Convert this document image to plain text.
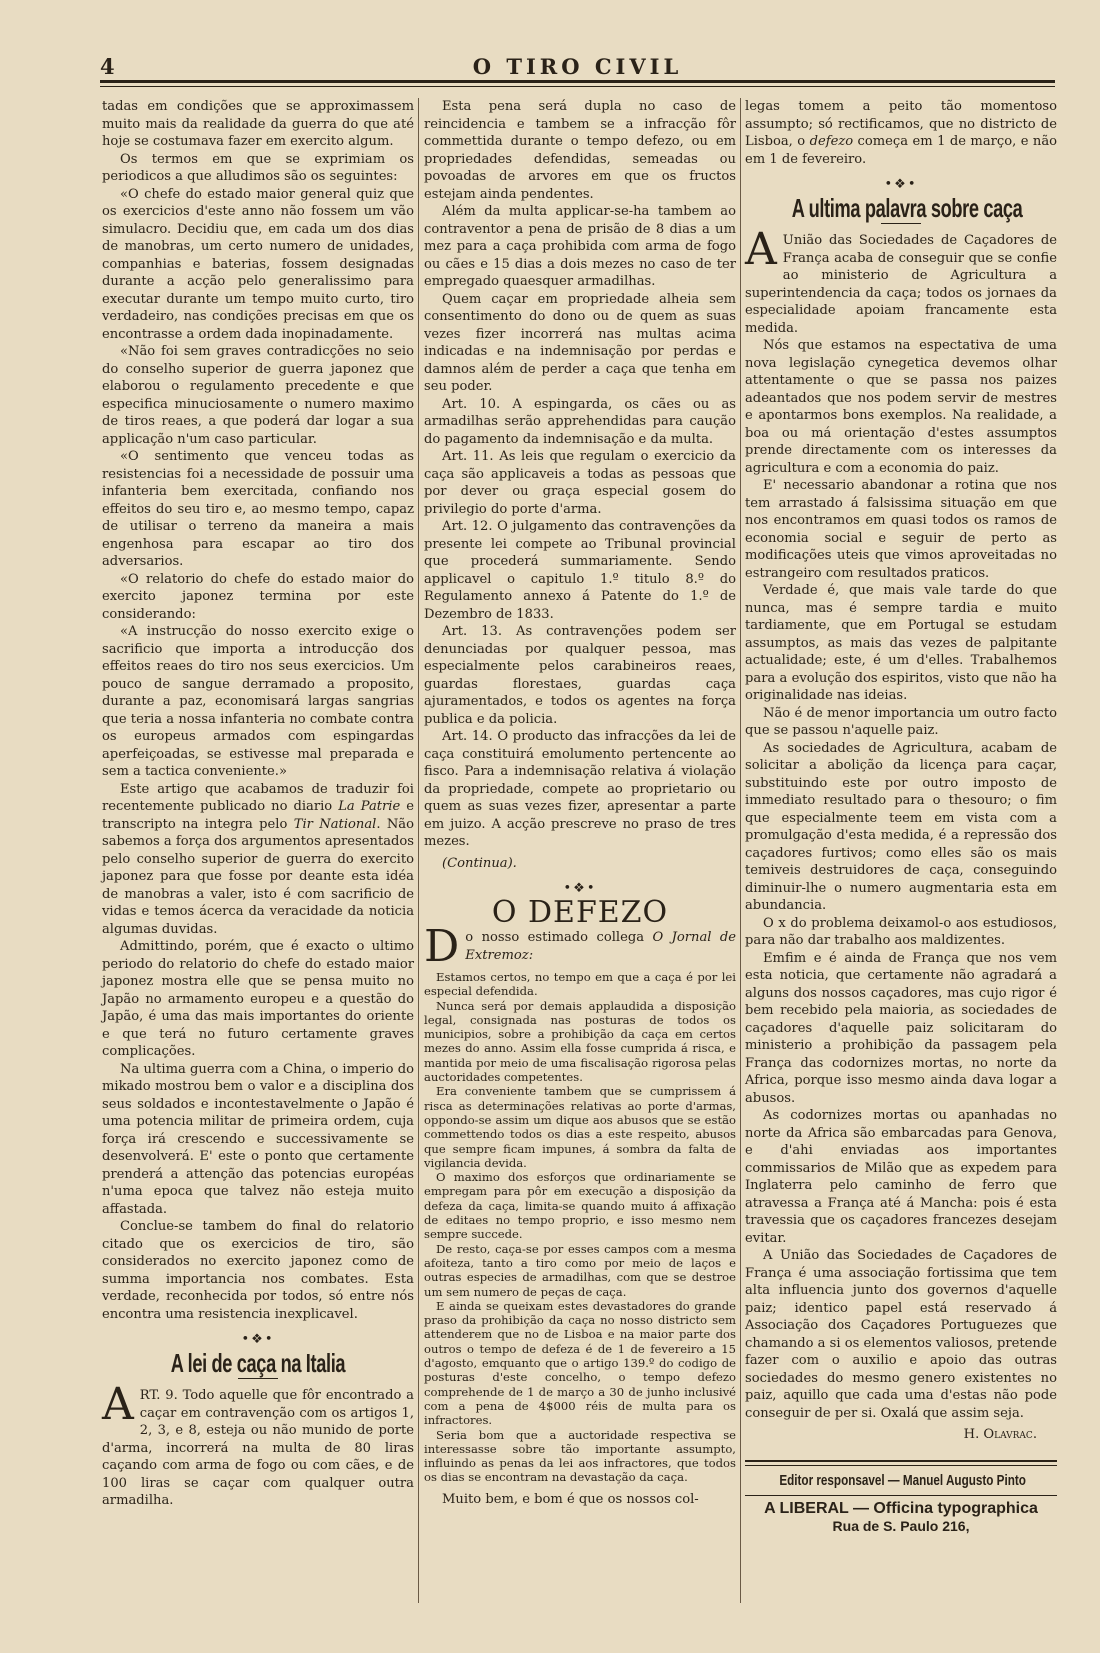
4	O TIRO CIVIL

tadas em condições que se approximassem muito mais da realidade da guerra do que até hoje se costumava fazer em exercito algum.

Os termos em que se exprimiam os periodicos a que alludimos são os seguintes:

«O chefe do estado maior general quiz que os exercicios d'este anno não fossem um vão simulacro. Decidiu que, em cada um dos dias de manobras, um certo numero de unidades, companhias e baterias, fossem designadas durante a acção pelo generalissimo para executar durante um tempo muito curto, tiro verdadeiro, nas condições precisas em que os encontrasse a ordem dada inopinadamente.

«Não foi sem graves contradicções no seio do conselho superior de guerra japonez que elaborou o regulamento precedente e que especifica minuciosamente o numero maximo de tiros reaes, a que poderá dar logar a sua applicação n'um caso particular.

«O sentimento que venceu todas as resistencias foi a necessidade de possuir uma infanteria bem exercitada, confiando nos effeitos do seu tiro e, ao mesmo tempo, capaz de utilisar o terreno da maneira a mais engenhosa para escapar ao tiro dos adversarios.

«O relatorio do chefe do estado maior do exercito japonez termina por este considerando:

«A instrucção do nosso exercito exige o sacrificio que importa a introducção dos effeitos reaes do tiro nos seus exercicios. Um pouco de sangue derramado a proposito, durante a paz, economisará largas sangrias que teria a nossa infanteria no combate contra os europeus armados com espingardas aperfeiçoadas, se estivesse mal preparada e sem a tactica conveniente.»

Este artigo que acabamos de traduzir foi recentemente publicado no diario La Patrie e transcripto na integra pelo Tir National. Não sabemos a força dos argumentos apresentados pelo conselho superior de guerra do exercito japonez para que fosse por deante esta idéa de manobras a valer, isto é com sacrificio de vidas e temos ácerca da veracidade da noticia algumas duvidas.

Admittindo, porém, que é exacto o ultimo periodo do relatorio do chefe do estado maior japonez mostra elle que se pensa muito no Japão no armamento europeu e a questão do Japão, é uma das mais importantes do oriente e que terá no futuro certamente graves complicações.

Na ultima guerra com a China, o imperio do mikado mostrou bem o valor e a disciplina dos seus soldados e incontestavelmente o Japão é uma potencia militar de primeira ordem, cuja força irá crescendo e successivamente se desenvolverá. E' este o ponto que certamente prenderá a attenção das potencias européas n'uma epoca que talvez não esteja muito affastada.

Conclue-se tambem do final do relatorio citado que os exercicios de tiro, são considerados no exercito japonez como de summa importancia nos combates. Esta verdade, reconhecida por todos, só entre nós encontra uma resistencia inexplicavel.

•❖•
A lei de caça na Italia

ART. 9. Todo aquelle que fôr encontrado a caçar em contravenção com os artigos 1, 2, 3, e 8, esteja ou não munido de porte d'arma, incorrerá na multa de 80 liras caçando com arma de fogo ou com cães, e de 100 liras se caçar com qualquer outra armadilha.

Esta pena será dupla no caso de reincidencia e tambem se a infracção fôr commettida durante o tempo defezo, ou em propriedades defendidas, semeadas ou povoadas de arvores em que os fructos estejam ainda pendentes.

Além da multa applicar-se-ha tambem ao contraventor a pena de prisão de 8 dias a um mez para a caça prohibida com arma de fogo ou cães e 15 dias a dois mezes no caso de ter empregado quaesquer armadilhas.

Quem caçar em propriedade alheia sem consentimento do dono ou de quem as suas vezes fizer incorrerá nas multas acima indicadas e na indemnisação por perdas e damnos além de perder a caça que tenha em seu poder.

Art. 10. A espingarda, os cães ou as armadilhas serão apprehendidas para caução do pagamento da indemnisação e da multa.

Art. 11. As leis que regulam o exercicio da caça são applicaveis a todas as pessoas que por dever ou graça especial gosem do privilegio do porte d'arma.

Art. 12. O julgamento das contravenções da presente lei compete ao Tribunal provincial que procederá summariamente. Sendo applicavel o capitulo 1.º titulo 8.º do Regulamento annexo á Patente do 1.º de Dezembro de 1833.

Art. 13. As contravenções podem ser denunciadas por qualquer pessoa, mas especialmente pelos carabineiros reaes, guardas florestaes, guardas caça ajuramentados, e todos os agentes na força publica e da policia.

Art. 14. O producto das infracções da lei de caça constituirá emolumento pertencente ao fisco. Para a indemnisação relativa á violação da propriedade, compete ao proprietario ou quem as suas vezes fizer, apresentar a parte em juizo. A acção prescreve no praso de tres mezes.

(Continua).

•❖•
O DEFEZO

Do nosso estimado collega O Jornal de Extremoz:

Estamos certos, no tempo em que a caça é por lei especial defendida.

Nunca será por demais applaudida a disposição legal, consignada nas posturas de todos os municipios, sobre a prohibição da caça em certos mezes do anno. Assim ella fosse cumprida á risca, e mantida por meio de uma fiscalisação rigorosa pelas auctoridades competentes.

Era conveniente tambem que se cumprissem á risca as determinações relativas ao porte d'armas, oppondo-se assim um dique aos abusos que se estão commettendo todos os dias a este respeito, abusos que sempre ficam impunes, á sombra da falta de vigilancia devida.

O maximo dos esforços que ordinariamente se empregam para pôr em execução a disposição da defeza da caça, limita-se quando muito á affixação de editaes no tempo proprio, e isso mesmo nem sempre succede.

De resto, caça-se por esses campos com a mesma afoiteza, tanto a tiro como por meio de laços e outras especies de armadilhas, com que se destroe um sem numero de peças de caça.

E ainda se queixam estes devastadores do grande praso da prohibição da caça no nosso districto sem attenderem que no de Lisboa e na maior parte dos outros o tempo de defeza é de 1 de fevereiro a 15 d'agosto, emquanto que o artigo 139.º do codigo de posturas d'este concelho, o tempo defezo comprehende de 1 de março a 30 de junho inclusivé com a pena de 4$000 réis de multa para os infractores.

Seria bom que a auctoridade respectiva se interessasse sobre tão importante assumpto, influindo as penas da lei aos infractores, que todos os dias se encontram na devastação da caça.

Muito bem, e bom é que os nossos col-

legas tomem a peito tão momentoso assumpto; só rectificamos, que no districto de Lisboa, o defezo começa em 1 de março, e não em 1 de fevereiro.

•❖•
A ultima palavra sobre caça

A União das Sociedades de Caçadores de França acaba de conseguir que se confie ao ministerio de Agricultura a superintendencia da caça; todos os jornaes da especialidade apoiam francamente esta medida.

Nós que estamos na espectativa de uma nova legislação cynegetica devemos olhar attentamente o que se passa nos paizes adeantados que nos podem servir de mestres e apontarmos bons exemplos. Na realidade, a boa ou má orientação d'estes assumptos prende directamente com os interesses da agricultura e com a economia do paiz.

E' necessario abandonar a rotina que nos tem arrastado á falsissima situação em que nos encontramos em quasi todos os ramos de economia social e seguir de perto as modificações uteis que vimos aproveitadas no estrangeiro com resultados praticos.

Verdade é, que mais vale tarde do que nunca, mas é sempre tardia e muito tardiamente, que em Portugal se estudam assumptos, as mais das vezes de palpitante actualidade; este, é um d'elles. Trabalhemos para a evolução dos espiritos, visto que não ha originalidade nas ideias.

Não é de menor importancia um outro facto que se passou n'aquelle paiz.

As sociedades de Agricultura, acabam de solicitar a abolição da licença para caçar, substituindo este por outro imposto de immediato resultado para o thesouro; o fim que especialmente teem em vista com a promulgação d'esta medida, é a repressão dos caçadores furtivos; como elles são os mais temiveis destruidores de caça, conseguindo diminuir-lhe o numero augmentaria esta em abundancia.

O x do problema deixamol-o aos estudiosos, para não dar trabalho aos maldizentes.

Emfim e é ainda de França que nos vem esta noticia, que certamente não agradará a alguns dos nossos caçadores, mas cujo rigor é bem recebido pela maioria, as sociedades de caçadores d'aquelle paiz solicitaram do ministerio a prohibição da passagem pela França das codornizes mortas, no norte da Africa, porque isso mesmo ainda dava logar a abusos.

As codornizes mortas ou apanhadas no norte da Africa são embarcadas para Genova, e d'ahi enviadas aos importantes commissarios de Milão que as expedem para Inglaterra pelo caminho de ferro que atravessa a França até á Mancha: pois é esta travessia que os caçadores francezes desejam evitar.

A União das Sociedades de Caçadores de França é uma associação fortissima que tem alta influencia junto dos governos d'aquelle paiz; identico papel está reservado á Associação dos Caçadores Portuguezes que chamando a si os elementos valiosos, pretende fazer com o auxilio e apoio das outras sociedades do mesmo genero existentes no paiz, aquillo que cada uma d'estas não pode conseguir de per si. Oxalá que assim seja.

H. Olavrac.
Editor responsavel — Manuel Augusto Pinto
A LIBERAL — Officina typographica
Rua de S. Paulo 216,
